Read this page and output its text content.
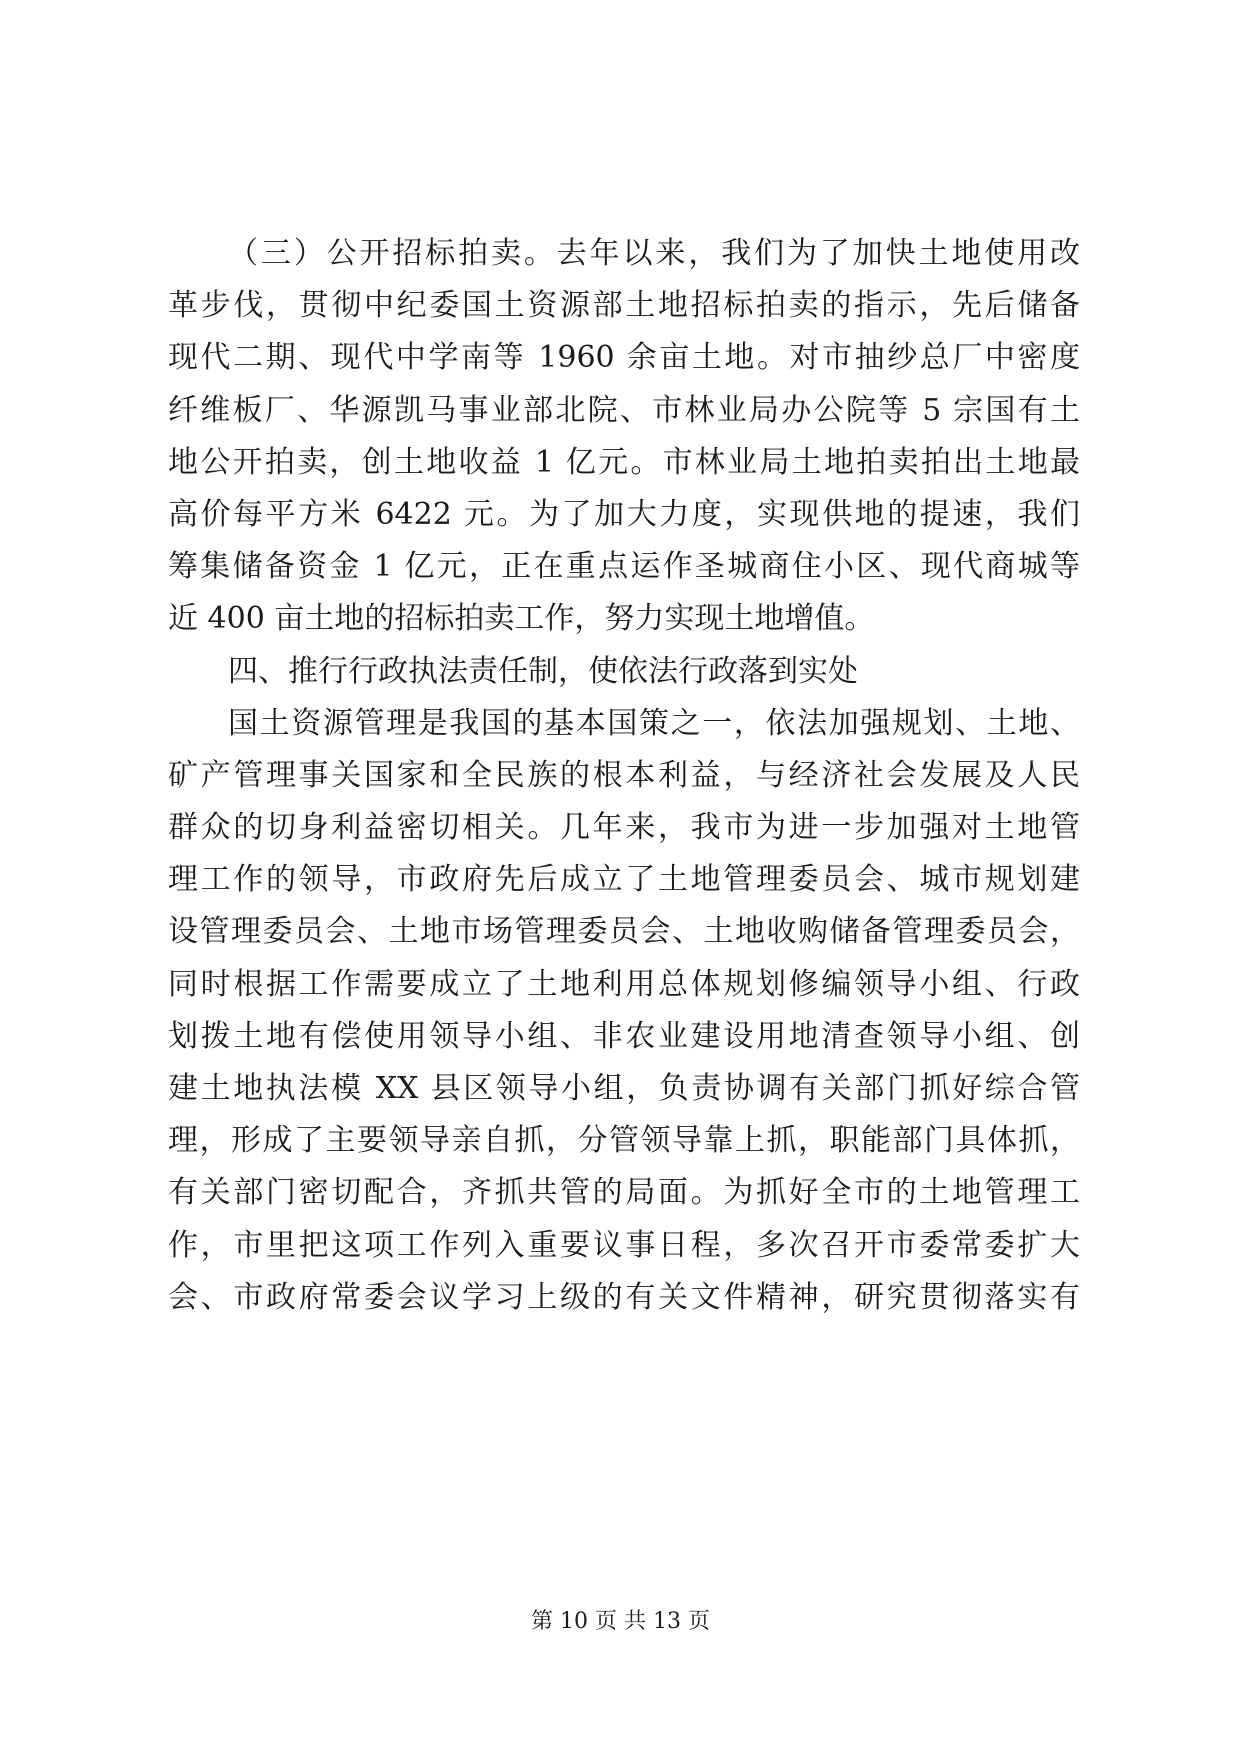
（三）公开招标拍卖。去年以来，我们为了加快土地使用改
革步伐，贯彻中纪委国土资源部土地招标拍卖的指示，先后储备
现代二期、现代中学南等 1960 余亩土地。对市抽纱总厂中密度
纤维板厂、华源凯马事业部北院、市林业局办公院等 5 宗国有土
地公开拍卖，创土地收益 1 亿元。市林业局土地拍卖拍出土地最
高价每平方米 6422 元。为了加大力度，实现供地的提速，我们
筹集储备资金 1 亿元，正在重点运作圣城商住小区、现代商城等
近 400 亩土地的招标拍卖工作，努力实现土地增值。
四、推行行政执法责任制，使依法行政落到实处
国土资源管理是我国的基本国策之一，依法加强规划、土地、
矿产管理事关国家和全民族的根本利益，与经济社会发展及人民
群众的切身利益密切相关。几年来，我市为进一步加强对土地管
理工作的领导，市政府先后成立了土地管理委员会、城市规划建
设管理委员会、土地市场管理委员会、土地收购储备管理委员会，
同时根据工作需要成立了土地利用总体规划修编领导小组、行政
划拨土地有偿使用领导小组、非农业建设用地清查领导小组、创
建土地执法模 XX 县区领导小组，负责协调有关部门抓好综合管
理，形成了主要领导亲自抓，分管领导靠上抓，职能部门具体抓，
有关部门密切配合，齐抓共管的局面。为抓好全市的土地管理工
作，市里把这项工作列入重要议事日程，多次召开市委常委扩大
会、市政府常委会议学习上级的有关文件精神，研究贯彻落实有
第 10 页 共 13 页
